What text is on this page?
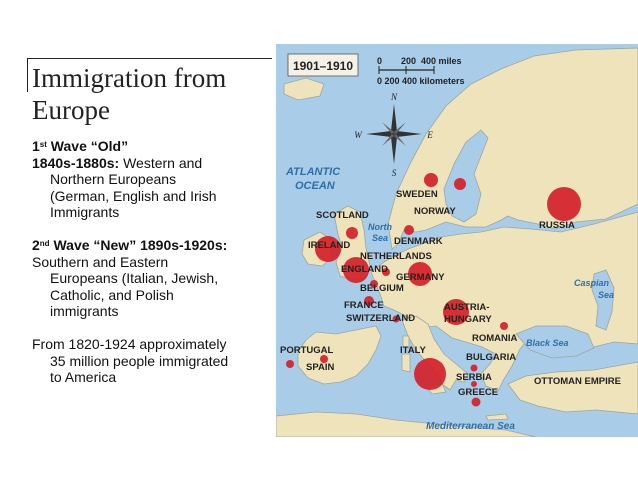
Immigration from
Europe
1st Wave “Old”
1840s-1880s: Western and
Northern Europeans
(German, English and Irish
Immigrants
2nd Wave “New” 1890s-1920s:
Southern and Eastern
Europeans (Italian, Jewish,
Catholic, and Polish
immigrants
From 1820-1924 approximately
35 million people immigrated
to America
1901–1910	0 200 400 miles
0 200 400 kilometers
N
S
E
W
ATLANTIC
OCEAN
North
Sea
Caspian
Sea
Black Sea
Mediterranean Sea
SWEDEN
NORWAY
RUSSIA
SCOTLAND
DENMARK
IRELAND
NETHERLANDS
ENGLAND
BELGIUM
GERMANY
FRANCE
SWITZERLAND
AUSTRIA-
HUNGARY
PORTUGAL
SPAIN
ITALY
ROMANIA
BULGARIA
SERBIA
GREECE
OTTOMAN EMPIRE
